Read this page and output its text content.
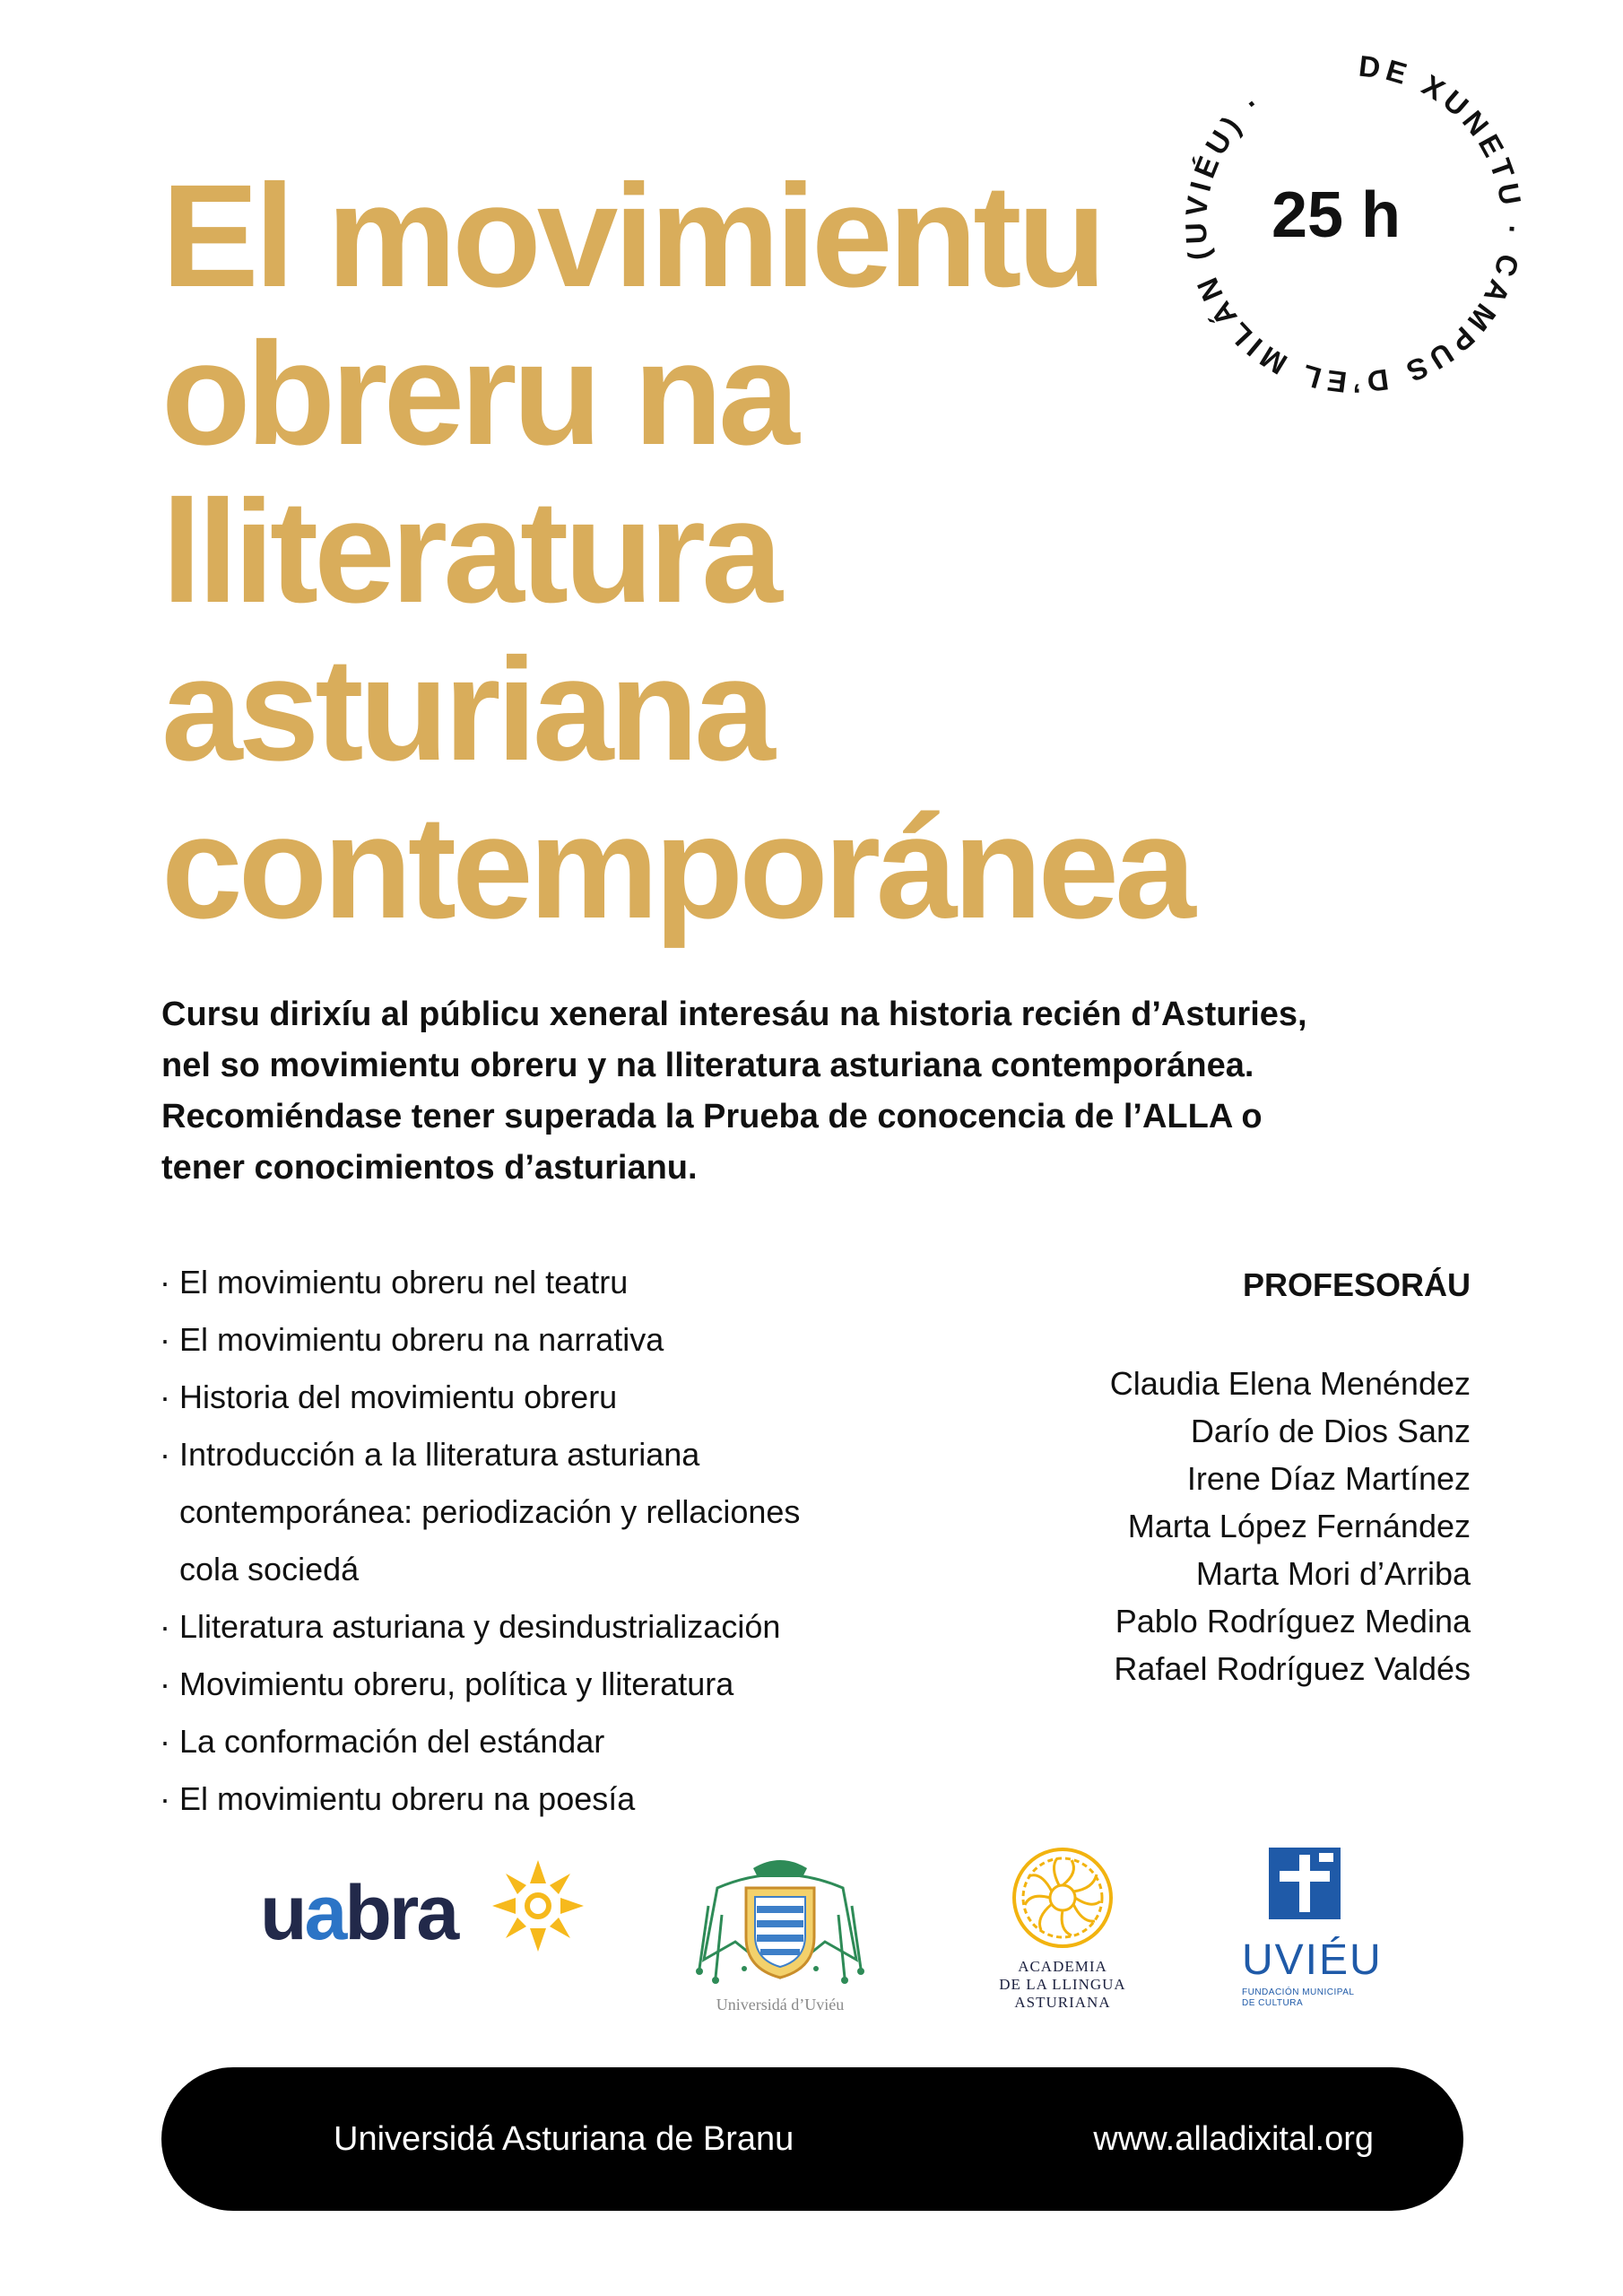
El movimientu
obreru na
lliteratura
asturiana
contemporánea
DE XUNETU · CAMPUS D’EL MILÁN (UVIÉU) ·
25 h
Cursu dirixíu al públicu xeneral interesáu na historia recién d’Asturies,
nel so movimientu obreru y na lliteratura asturiana contemporánea.
Recomiéndase tener superada la Prueba de conocencia de l’ALLA o
tener conocimientos d’asturianu.
· El movimientu obreru nel teatru
· El movimientu obreru na narrativa
· Historia del movimientu obreru
· Introducción a la lliteratura asturiana
contemporánea: periodización y rellaciones
cola sociedá
· Lliteratura asturiana y desindustrialización
· Movimientu obreru, política y lliteratura
· La conformación del estándar
· El movimientu obreru na poesía
PROFESORÁU
Claudia Elena Menéndez
Darío de Dios Sanz
Irene Díaz Martínez
Marta López Fernández
Marta Mori d’Arriba
Pablo Rodríguez Medina
Rafael Rodríguez Valdés
uabra
Universidá d’Uviéu
ACADEMIA
DE LA LLINGUA
ASTURIANA
UVIÉU
FUNDACIÓN MUNICIPAL
DE CULTURA
Universidá Asturiana de Branu	www.alladixital.org
